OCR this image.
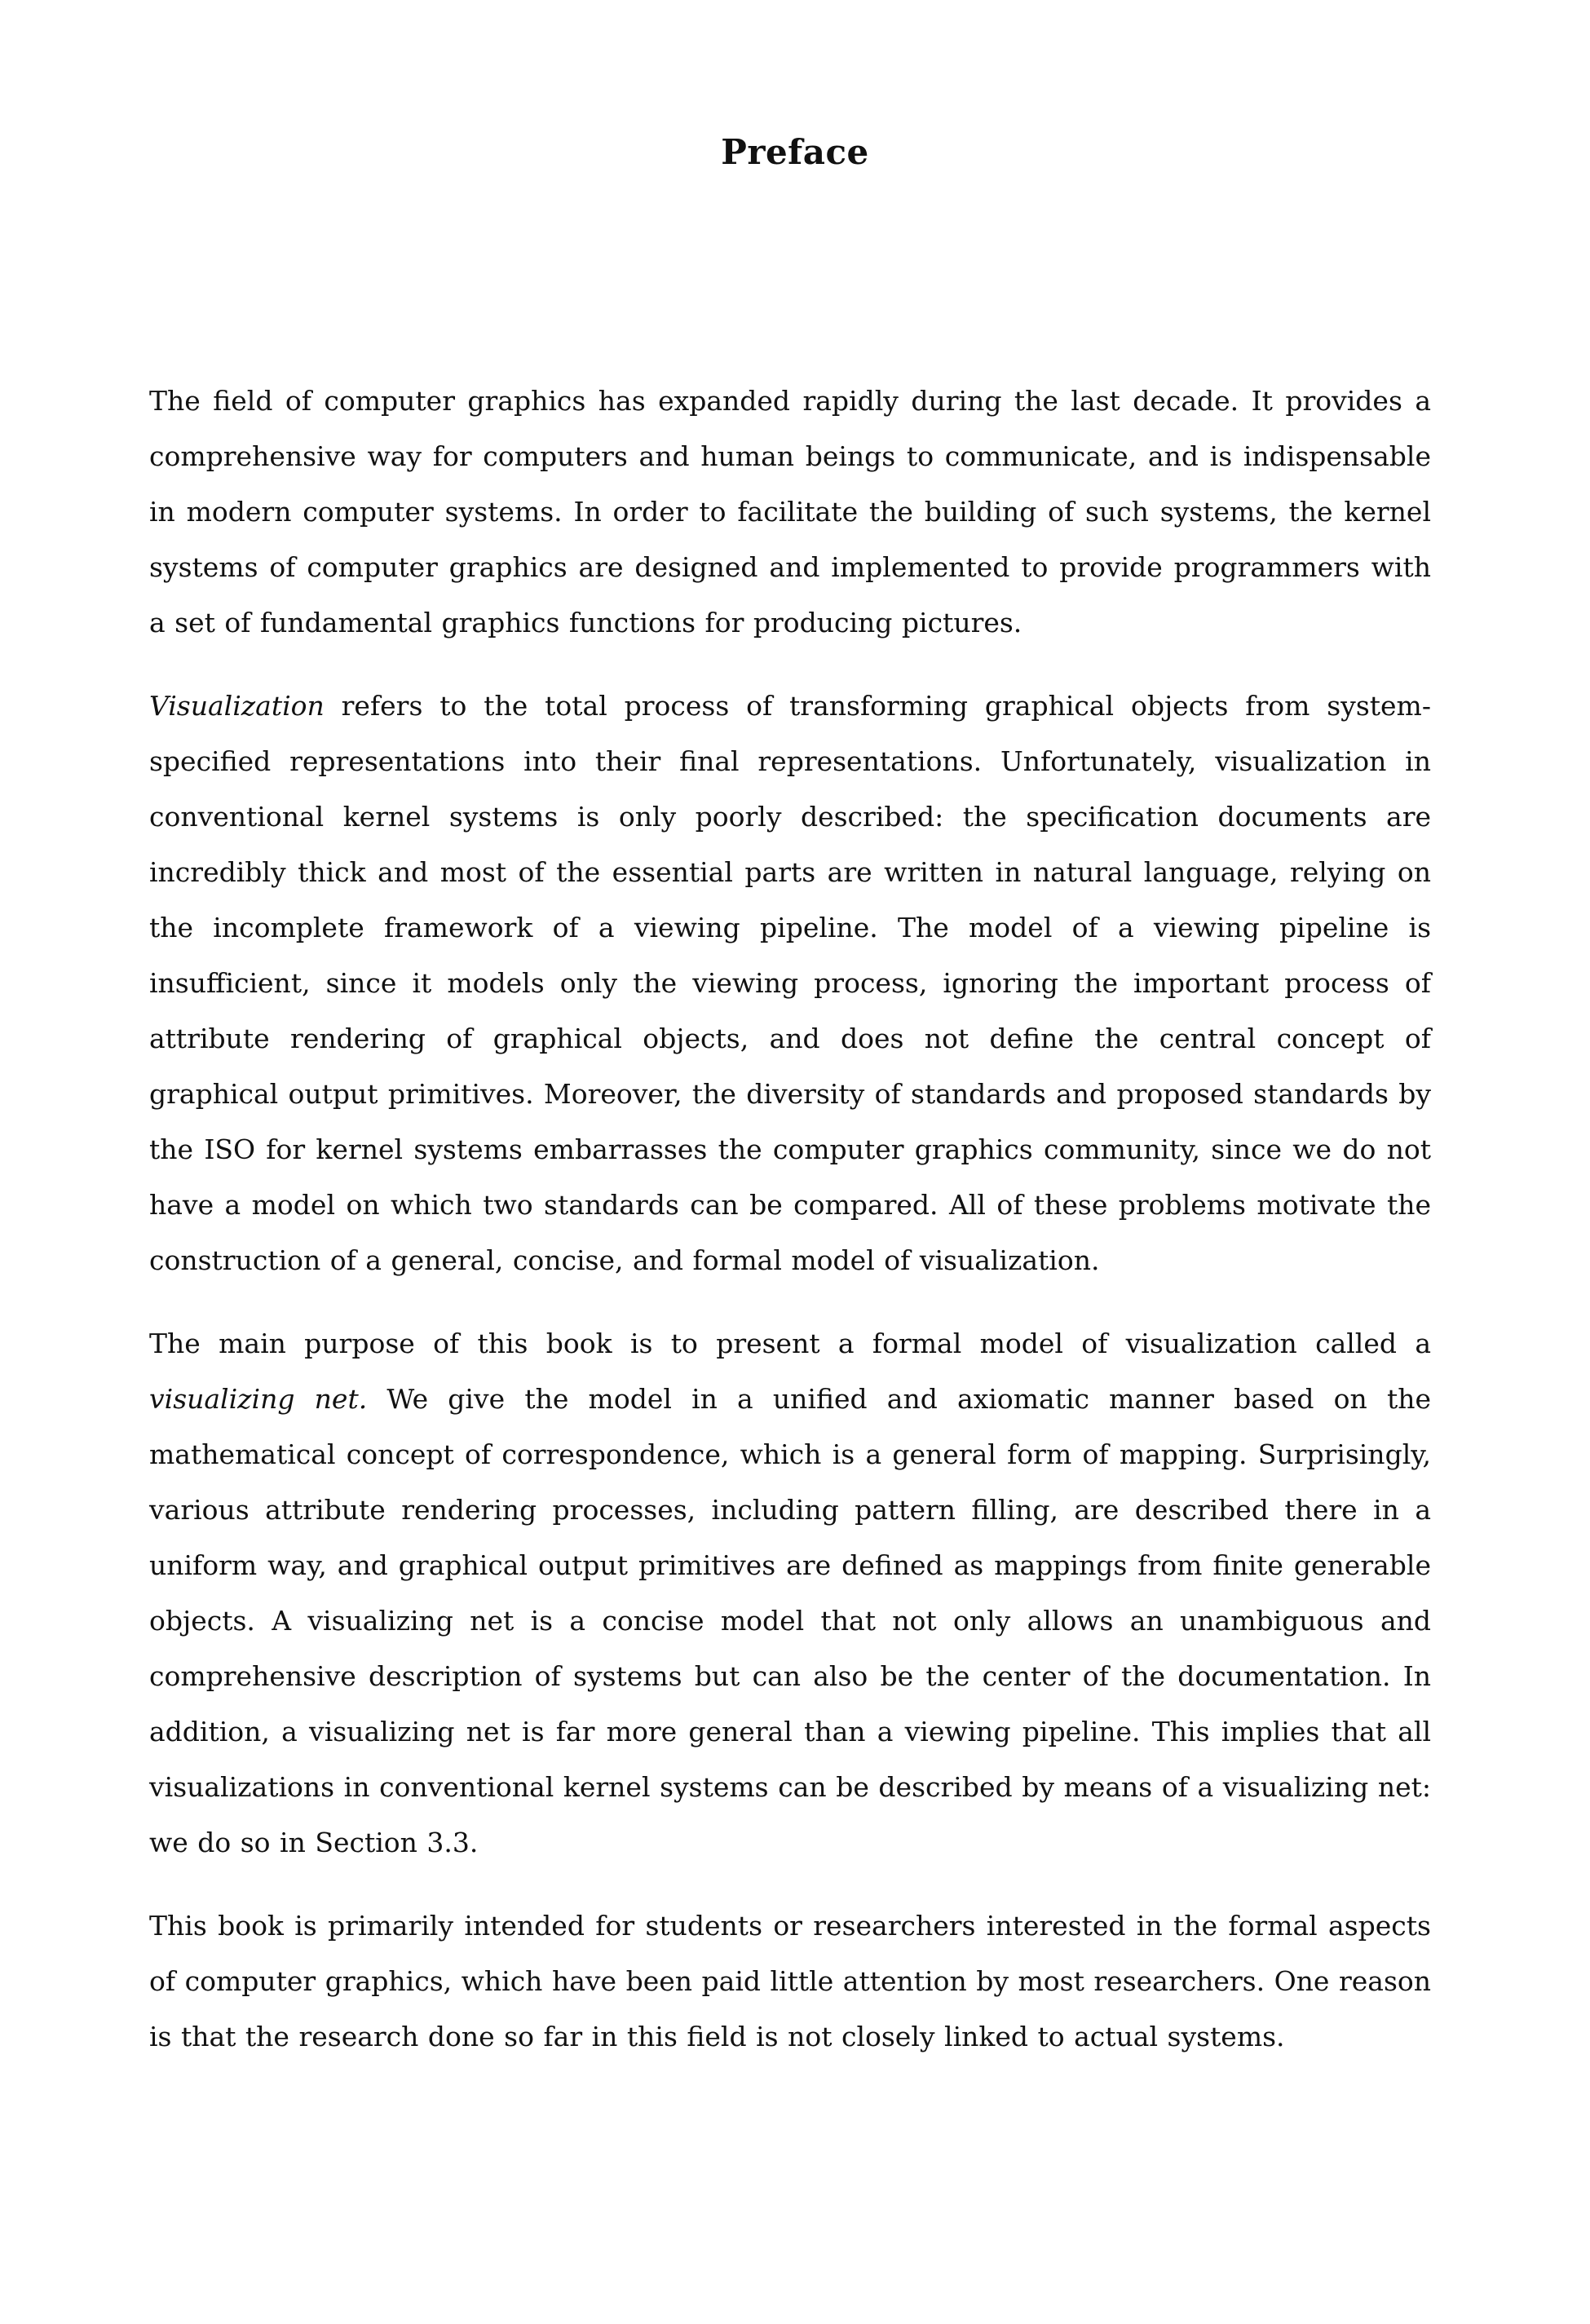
Preface

The field of computer graphics has expanded rapidly during the last decade. It provides a comprehensive way for computers and human beings to communicate, and is indispensable in modern computer systems. In order to facilitate the building of such systems, the kernel systems of computer graphics are designed and implemented to provide programmers with a set of fundamental graphics functions for producing pictures.

Visualization refers to the total process of transforming graphical objects from system-specified representations into their final representations. Unfortunately, visualization in conventional kernel systems is only poorly described: the specification documents are incredibly thick and most of the essential parts are written in natural language, relying on the incomplete framework of a viewing pipeline. The model of a viewing pipeline is insufficient, since it models only the viewing process, ignoring the important process of attribute rendering of graphical objects, and does not define the central concept of graphical output primitives. Moreover, the diversity of standards and proposed standards by the ISO for kernel systems embarrasses the computer graphics community, since we do not have a model on which two standards can be compared. All of these problems motivate the construction of a general, concise, and formal model of visualization.

The main purpose of this book is to present a formal model of visualization called a visualizing net. We give the model in a unified and axiomatic manner based on the mathematical concept of correspondence, which is a general form of mapping. Surprisingly, various attribute rendering processes, including pattern filling, are described there in a uniform way, and graphical output primitives are defined as mappings from finite generable objects. A visualizing net is a concise model that not only allows an unambiguous and comprehensive description of systems but can also be the center of the documentation. In addition, a visualizing net is far more general than a viewing pipeline. This implies that all visualizations in conventional kernel systems can be described by means of a visualizing net: we do so in Section 3.3.

This book is primarily intended for students or researchers interested in the formal aspects of computer graphics, which have been paid little attention by most researchers. One reason is that the research done so far in this field is not closely linked to actual systems.
